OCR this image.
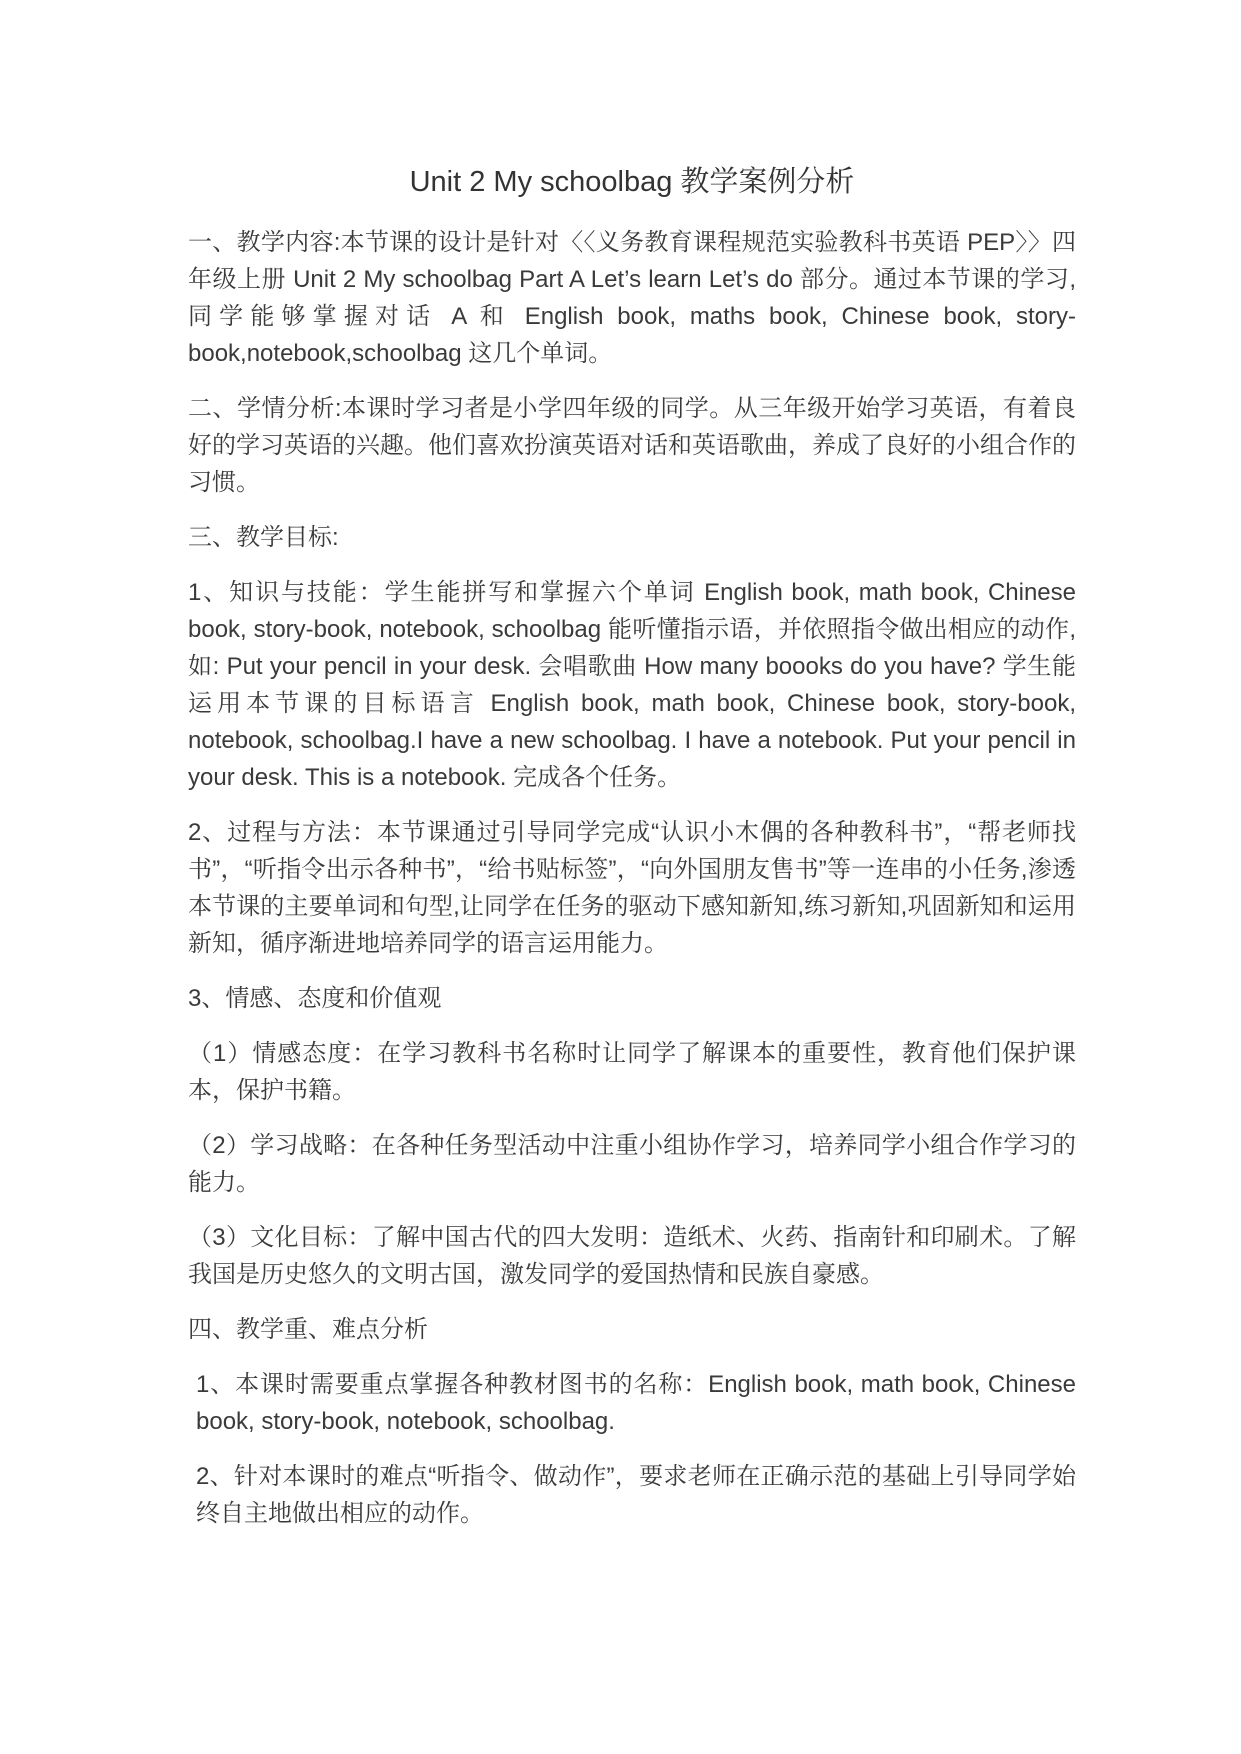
Unit 2 My schoolbag 教学案例分析

一、教学内容:本节课的设计是针对〈〈义务教育课程规范实验教科书英语 PEP〉〉四年级上册 Unit 2 My schoolbag Part A Let’s learn Let’s do 部分。通过本节课的学习,同学能够掌握对话 A 和 English book, maths book, Chinese book, story-book,notebook,schoolbag 这几个单词。

二、学情分析:本课时学习者是小学四年级的同学。从三年级开始学习英语，有着良好的学习英语的兴趣。他们喜欢扮演英语对话和英语歌曲，养成了良好的小组合作的习惯。

三、教学目标:

1、知识与技能：学生能拼写和掌握六个单词 English book, math book, Chinese book, story-book, notebook, schoolbag 能听懂指示语，并依照指令做出相应的动作,如: Put your pencil in your desk. 会唱歌曲 How many boooks do you have? 学生能运用本节课的目标语言 English book, math book, Chinese book, story-book, notebook, schoolbag.I have a new schoolbag. I have a notebook. Put your pencil in your desk. This is a notebook. 完成各个任务。

2、过程与方法：本节课通过引导同学完成“认识小木偶的各种教科书”，“帮老师找书”，“听指令出示各种书”，“给书贴标签”，“向外国朋友售书”等一连串的小任务,渗透本节课的主要单词和句型,让同学在任务的驱动下感知新知,练习新知,巩固新知和运用新知，循序渐进地培养同学的语言运用能力。

3、情感、态度和价值观

（1）情感态度：在学习教科书名称时让同学了解课本的重要性，教育他们保护课本，保护书籍。

（2）学习战略：在各种任务型活动中注重小组协作学习，培养同学小组合作学习的能力。

（3）文化目标：了解中国古代的四大发明：造纸术、火药、指南针和印刷术。了解我国是历史悠久的文明古国，激发同学的爱国热情和民族自豪感。

四、教学重、难点分析

1、本课时需要重点掌握各种教材图书的名称：English book, math book, Chinese book, story-book, notebook, schoolbag.

2、针对本课时的难点“听指令、做动作”，要求老师在正确示范的基础上引导同学始终自主地做出相应的动作。
